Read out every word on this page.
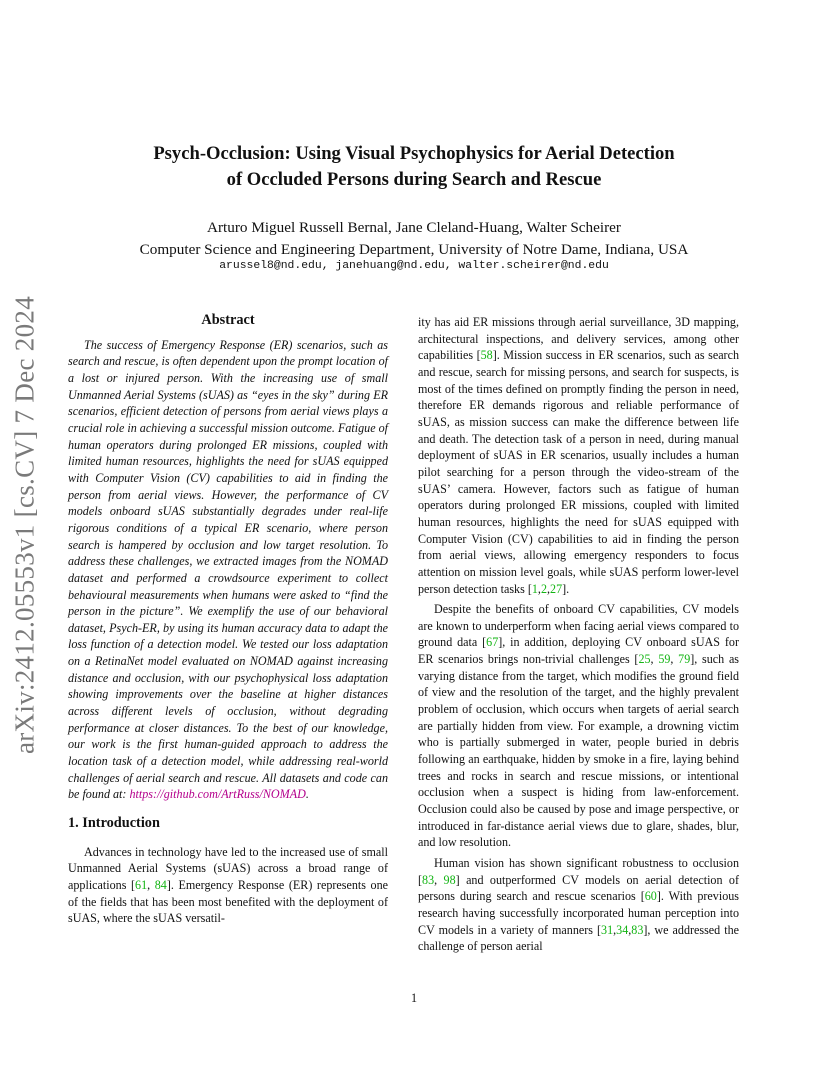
arXiv:2412.05553v1 [cs.CV] 7 Dec 2024
Psych-Occlusion: Using Visual Psychophysics for Aerial Detection
of Occluded Persons during Search and Rescue
Arturo Miguel Russell Bernal, Jane Cleland-Huang, Walter Scheirer
Computer Science and Engineering Department, University of Notre Dame, Indiana, USA
arussel8@nd.edu, janehuang@nd.edu, walter.scheirer@nd.edu
Abstract

The success of Emergency Response (ER) scenarios, such as search and rescue, is often dependent upon the prompt location of a lost or injured person. With the increasing use of small Unmanned Aerial Systems (sUAS) as “eyes in the sky” during ER scenarios, efficient detection of persons from aerial views plays a crucial role in achieving a successful mission outcome. Fatigue of human operators during prolonged ER missions, coupled with limited human resources, highlights the need for sUAS equipped with Computer Vision (CV) capabilities to aid in finding the person from aerial views. However, the performance of CV models onboard sUAS substantially degrades under real-life rigorous conditions of a typical ER scenario, where person search is hampered by occlusion and low target resolution. To address these challenges, we extracted images from the NOMAD dataset and performed a crowdsource experiment to collect behavioural measurements when humans were asked to “find the person in the picture”. We exemplify the use of our behavioral dataset, Psych-ER, by using its human accuracy data to adapt the loss function of a detection model. We tested our loss adaptation on a RetinaNet model evaluated on NOMAD against increasing distance and occlusion, with our psychophysical loss adaptation showing improvements over the baseline at higher distances across different levels of occlusion, without degrading performance at closer distances. To the best of our knowledge, our work is the first human-guided approach to address the location task of a detection model, while addressing real-world challenges of aerial search and rescue. All datasets and code can be found at: https://github.com/ArtRuss/NOMAD.

1. Introduction

Advances in technology have led to the increased use of small Unmanned Aerial Systems (sUAS) across a broad range of applications [61, 84]. Emergency Response (ER) represents one of the fields that has been most benefited with the deployment of sUAS, where the sUAS versatil-

ity has aid ER missions through aerial surveillance, 3D mapping, architectural inspections, and delivery services, among other capabilities [58]. Mission success in ER scenarios, such as search and rescue, search for missing persons, and search for suspects, is most of the times defined on promptly finding the person in need, therefore ER demands rigorous and reliable performance of sUAS, as mission success can make the difference between life and death. The detection task of a person in need, during manual deployment of sUAS in ER scenarios, usually includes a human pilot searching for a person through the video-stream of the sUAS’ camera. However, factors such as fatigue of human operators during prolonged ER missions, coupled with limited human resources, highlights the need for sUAS equipped with Computer Vision (CV) capabilities to aid in finding the person from aerial views, allowing emergency responders to focus attention on mission level goals, while sUAS perform lower-level person detection tasks [1,2,27].

Despite the benefits of onboard CV capabilities, CV models are known to underperform when facing aerial views compared to ground data [67], in addition, deploying CV onboard sUAS for ER scenarios brings non-trivial challenges [25, 59, 79], such as varying distance from the target, which modifies the ground field of view and the resolution of the target, and the highly prevalent problem of occlusion, which occurs when targets of aerial search are partially hidden from view. For example, a drowning victim who is partially submerged in water, people buried in debris following an earthquake, hidden by smoke in a fire, laying behind trees and rocks in search and rescue missions, or intentional occlusion when a suspect is hiding from law-enforcement. Occlusion could also be caused by pose and image perspective, or introduced in far-distance aerial views due to glare, shades, blur, and low resolution.

Human vision has shown significant robustness to occlusion [83, 98] and outperformed CV models on aerial detection of persons during search and rescue scenarios [60]. With previous research having successfully incorporated human perception into CV models in a variety of manners [31,34,83], we addressed the challenge of person aerial

1
